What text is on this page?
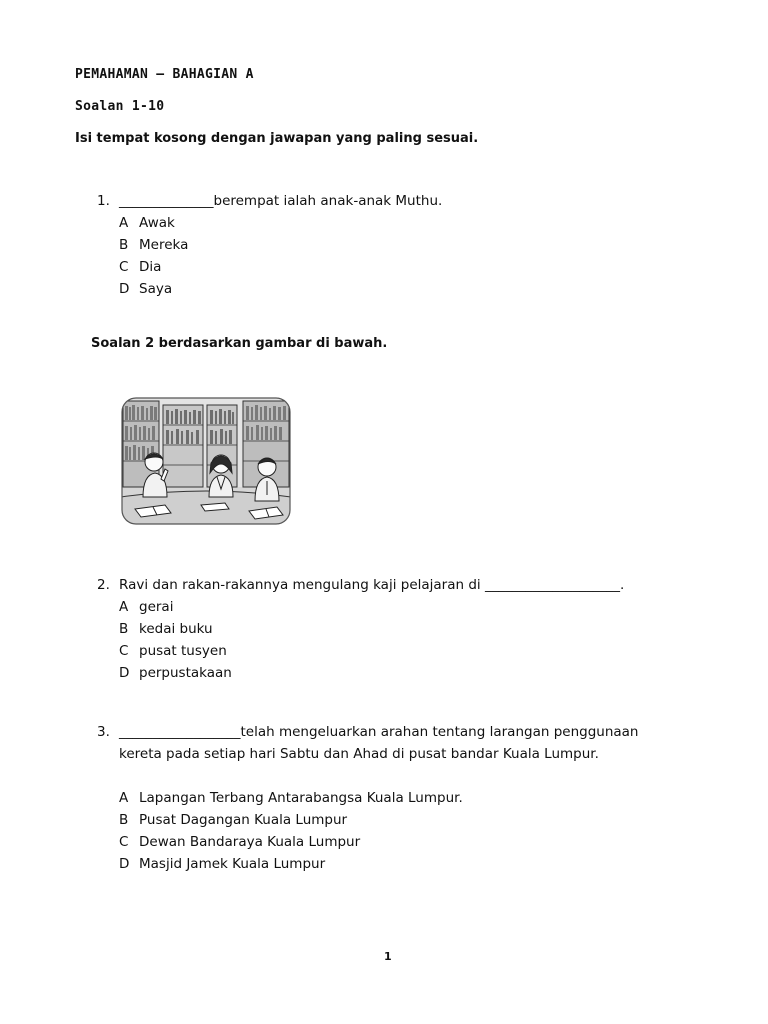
PEMAHAMAN – BAHAGIAN A
Soalan 1-10
Isi tempat kosong dengan jawapan yang paling sesuai.
1. ______________berempat ialah anak-anak Muthu.
A Awak
B Mereka
C Dia
D Saya
Soalan 2 berdasarkan gambar di bawah.
2. Ravi dan rakan-rakannya mengulang kaji pelajaran di ____________________.
A gerai
B kedai buku
C pusat tusyen
D perpustakaan
3. __________________telah mengeluarkan arahan tentang larangan penggunaan
kereta pada setiap hari Sabtu dan Ahad di pusat bandar Kuala Lumpur.
A Lapangan Terbang Antarabangsa Kuala Lumpur.
B Pusat Dagangan Kuala Lumpur
C Dewan Bandaraya Kuala Lumpur
D Masjid Jamek Kuala Lumpur
1
